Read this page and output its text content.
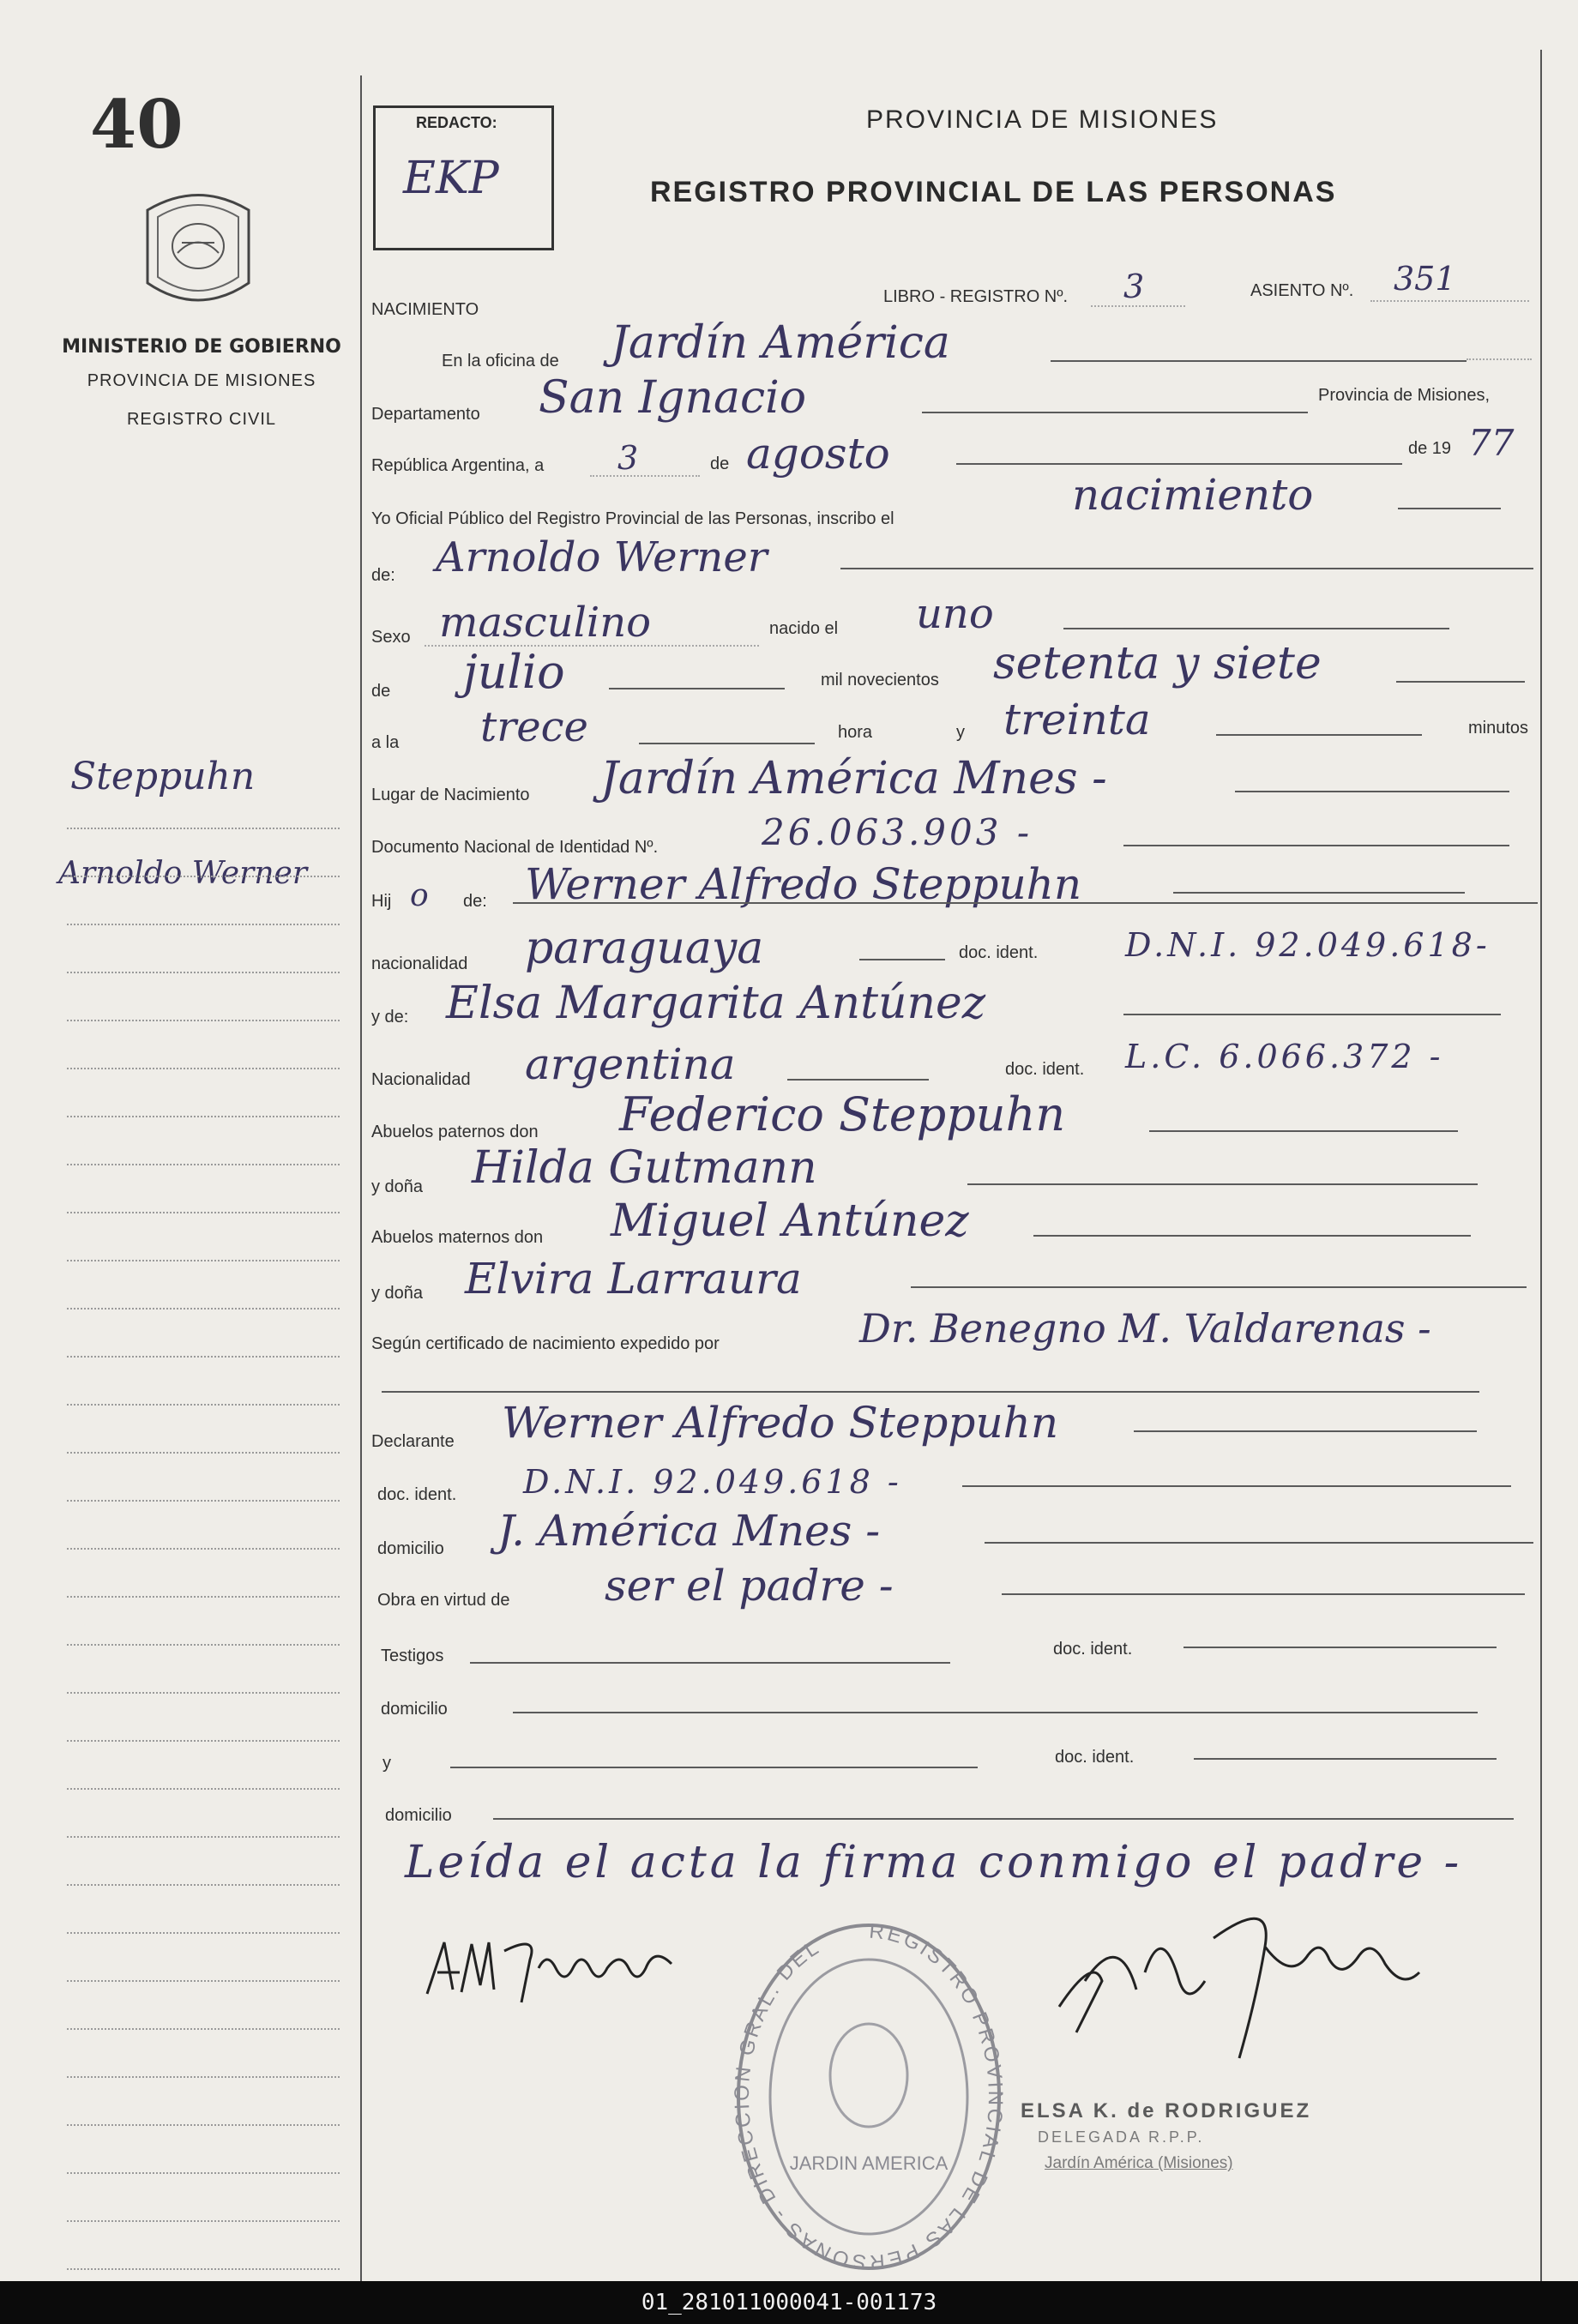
40
MINISTERIO DE GOBIERNO
PROVINCIA DE MISIONES
REGISTRO CIVIL
Steppuhn
Arnoldo Werner
REDACTO:
EKP
PROVINCIA DE MISIONES
REGISTRO PROVINCIAL DE LAS PERSONAS
NACIMIENTO
LIBRO - REGISTRO Nº. 3	ASIENTO Nº. 351
En la oficina de Jardín América
Departamento San Ignacio	Provincia de Misiones,
República Argentina, a 3	de agosto	de 19 77
Yo Oficial Público del Registro Provincial de las Personas, inscribo el	nacimiento
de: Arnoldo Werner
Sexo masculino	nacido el uno
de julio	mil novecientos setenta y siete
a la trece	hora	y treinta	minutos
Lugar de Nacimiento Jardín América Mnes -
Documento Nacional de Identidad Nº.	26.063.903 -
Hij o de: Werner Alfredo Steppuhn
nacionalidad paraguaya	doc. ident.	D.N.I. 92.049.618-
y de: Elsa Margarita Antúnez
Nacionalidad argentina	doc. ident. L.C. 6.066.372 -
Abuelos paternos don Federico Steppuhn
y doña Hilda Gutmann
Abuelos maternos don Miguel Antúnez
y doña Elvira Larraura
Según certificado de nacimiento expedido por	Dr. Benegno M. Valdarenas -
Declarante Werner Alfredo Steppuhn
doc. ident. D.N.I. 92.049.618 -
domicilio J. América Mnes -
Obra en virtud de ser el padre -
Testigos	doc. ident.
domicilio
y	doc. ident.
domicilio
Leída el acta la firma conmigo el padre -
REGISTRO PROVINCIAL DE LAS PERSONAS - DIRECCION GRAL. DEL
JARDIN AMERICA
ELSA K. de RODRIGUEZ
DELEGADA R.P.P.
Jardín América (Misiones)
01_281011000041-001173
